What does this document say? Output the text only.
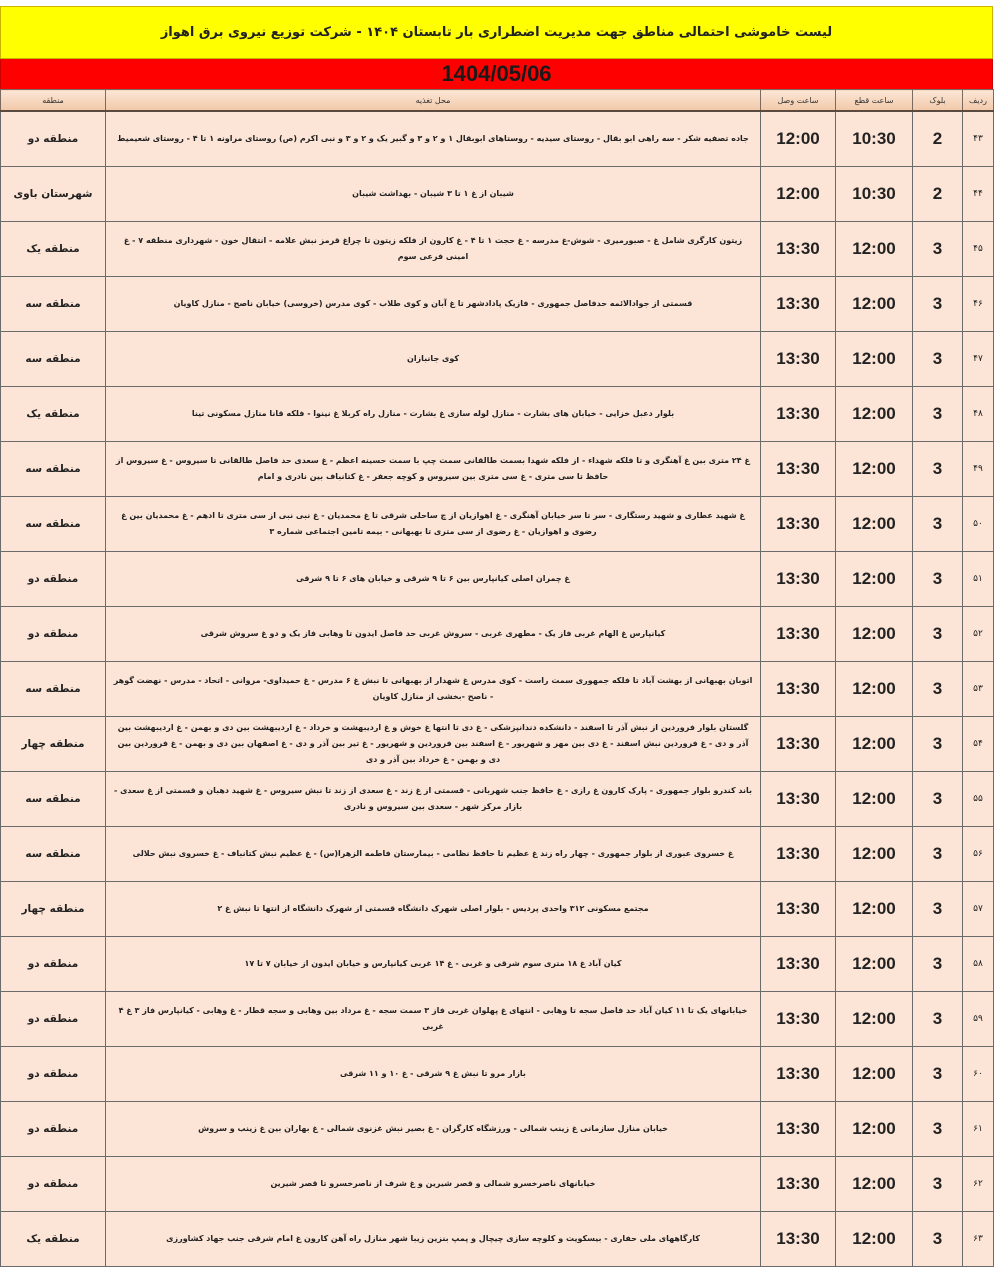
لیست خاموشی احتمالی مناطق جهت مدیریت اضطراری بار تابستان ۱۴۰۴ - شرکت توزیع نیروی برق اهواز
1404/05/06
ردیف	بلوک	ساعت قطع	ساعت وصل	محل تغذیه	منطقه
۴۳	2	10:30	12:00	جاده تصفیه شکر - سه راهی ابو بقال - روستای سیدیه - روستاهای ابوبقال ۱ و ۲ و ۳ و گبیر یک و ۲ و ۳ و نبی اکرم (ص) روستای مراونه ۱ تا ۴ - روستای شعیمیط	منطقه دو
۴۴	2	10:30	12:00	شیبان از غ ۱ تا ۳ شیبان - بهداشت شیبان	شهرستان باوی
۴۵	3	12:00	13:30	زیتون کارگری شامل غ - صبورمیری - شوش-غ مدرسه - غ حجت ۱ تا ۴ - غ کارون از فلکه زیتون تا چراغ قرمز نبش علامه - انتقال خون - شهرداری منطقه ۷ - غ امینی فرعی سوم	منطقه یک
۴۶	3	12:00	13:30	قسمتی از جوادالائمه حدفاصل جمهوری - فازیک پادادشهر تا غ آبان و کوی طلاب - کوی مدرس (خروسی) خیابان ناصح - منازل کاویان	منطقه سه
۴۷	3	12:00	13:30	کوی جانبازان	منطقه سه
۴۸	3	12:00	13:30	بلوار دعبل خزایی - خیابان های بشارت - منازل لوله سازی غ بشارت - منازل راه کربلا غ نینوا - فلکه قانا منازل مسکونی تینا	منطقه یک
۴۹	3	12:00	13:30	غ ۲۴ متری بین غ آهنگری و تا فلکه شهداء - از فلکه شهدا بسمت طالقانی سمت چپ با سمت حسینه اعظم - غ سعدی حد فاصل طالقانی تا سیروس - غ سیروس از حافظ تا سی متری - غ سی متری بین سیروس و کوچه جعفر - غ کتانباف بین نادری و امام	منطقه سه
۵۰	3	12:00	13:30	غ شهید عطاری و شهید رستگاری - سر تا سر خیابان آهنگری - غ اهوازیان از چ ساحلی شرقی تا غ محمدیان - غ نبی نبی از سی متری تا ادهم - غ محمدیان بین غ رضوی و اهوازیان - غ رضوی از سی متری تا بهبهانی - بیمه تامین اجتماعی شماره ۳	منطقه سه
۵۱	3	12:00	13:30	غ چمران اصلی کیانپارس بین ۶ تا ۹ شرقی و خیابان های ۶ تا ۹ شرقی	منطقه دو
۵۲	3	12:00	13:30	کیانپارس غ الهام غربی فاز یک - مطهری غربی - سروش غربی حد فاصل ایدون تا وهابی فاز یک و دو غ سروش شرقی	منطقه دو
۵۳	3	12:00	13:30	اتوبان بهبهانی از بهشت آباد تا فلکه جمهوری سمت راست - کوی مدرس غ شهدار از بهبهانی تا نبش غ ۶ مدرس - غ حمیداوی- مروانی - اتحاد - مدرس - نهضت گوهر - ناصح -بخشی از منازل کاویان	منطقه سه
۵۴	3	12:00	13:30	گلستان بلوار فروردین از نبش آذر تا اسفند - دانشکده دندانپزشکی - غ دی تا انتها غ خوش و غ اردیبهشت و خرداد - غ اردیبهشت بین دی و بهمن - غ اردیبهشت بین آذر و دی - غ فروردین نبش اسفند - غ دی بین مهر و شهریور - غ اسفند بین فروردین و شهریور - غ تیر بین آذر و دی - غ اصفهان بین دی و بهمن - غ فروردین بین دی و بهمن - غ خرداد بین آذر و دی	منطقه چهار
۵۵	3	12:00	13:30	باند کندرو بلوار جمهوری - پارک کارون غ رازی - غ حافظ جنب شهربانی - قسمتی از غ زند - غ سعدی از زند تا نبش سیروس - غ شهید دهبان و قسمتی از غ سعدی - بازار مرکز شهر - سعدی بین سیروس و نادری	منطقه سه
۵۶	3	12:00	13:30	غ خسروی عبوری از بلوار جمهوری - چهار راه زند غ عظیم تا حافظ نظامی - بیمارستان فاطمه الزهرا(س) - غ عظیم نبش کتانباف - غ خسروی نبش حلالی	منطقه سه
۵۷	3	12:00	13:30	مجتمع مسکونی ۳۱۲ واحدی پردیس - بلوار اصلی شهرک دانشگاه قسمتی از شهرک دانشگاه از انتها تا نبش غ ۲	منطقه چهار
۵۸	3	12:00	13:30	کیان آباد غ ۱۸ متری سوم شرقی و غربی - غ ۱۴ غربی کیانپارس و خیابان ایدون از خیابان ۷ تا ۱۷	منطقه دو
۵۹	3	12:00	13:30	خیابانهای یک تا ۱۱ کیان آباد حد فاصل سجه تا وهابی - انتهای غ پهلوان غربی فاز ۳ سمت سجه - غ مرداد بین وهابی و سجه قطار - غ وهابی - کیانپارس فاز ۳ غ ۴ غربی	منطقه دو
۶۰	3	12:00	13:30	بازار مرو تا نبش غ ۹ شرقی - غ ۱۰ و ۱۱ شرقی	منطقه دو
۶۱	3	12:00	13:30	خیابان منازل سازمانی غ زینب شمالی - ورزشگاه کارگران - غ بصیر نبش غزنوی شمالی - غ بهاران بین غ زینب و سروش	منطقه دو
۶۲	3	12:00	13:30	خیابانهای ناصرخسرو شمالی و قصر شیرین و غ شرف از ناصرخسرو تا قصر شیرین	منطقه دو
۶۳	3	12:00	13:30	کارگاههای ملی حفاری - بیسکویت و کلوچه سازی چیچال و پمپ بنزین زیبا شهر منازل راه آهن کارون غ امام شرقی جنب جهاد کشاورزی	منطقه یک
